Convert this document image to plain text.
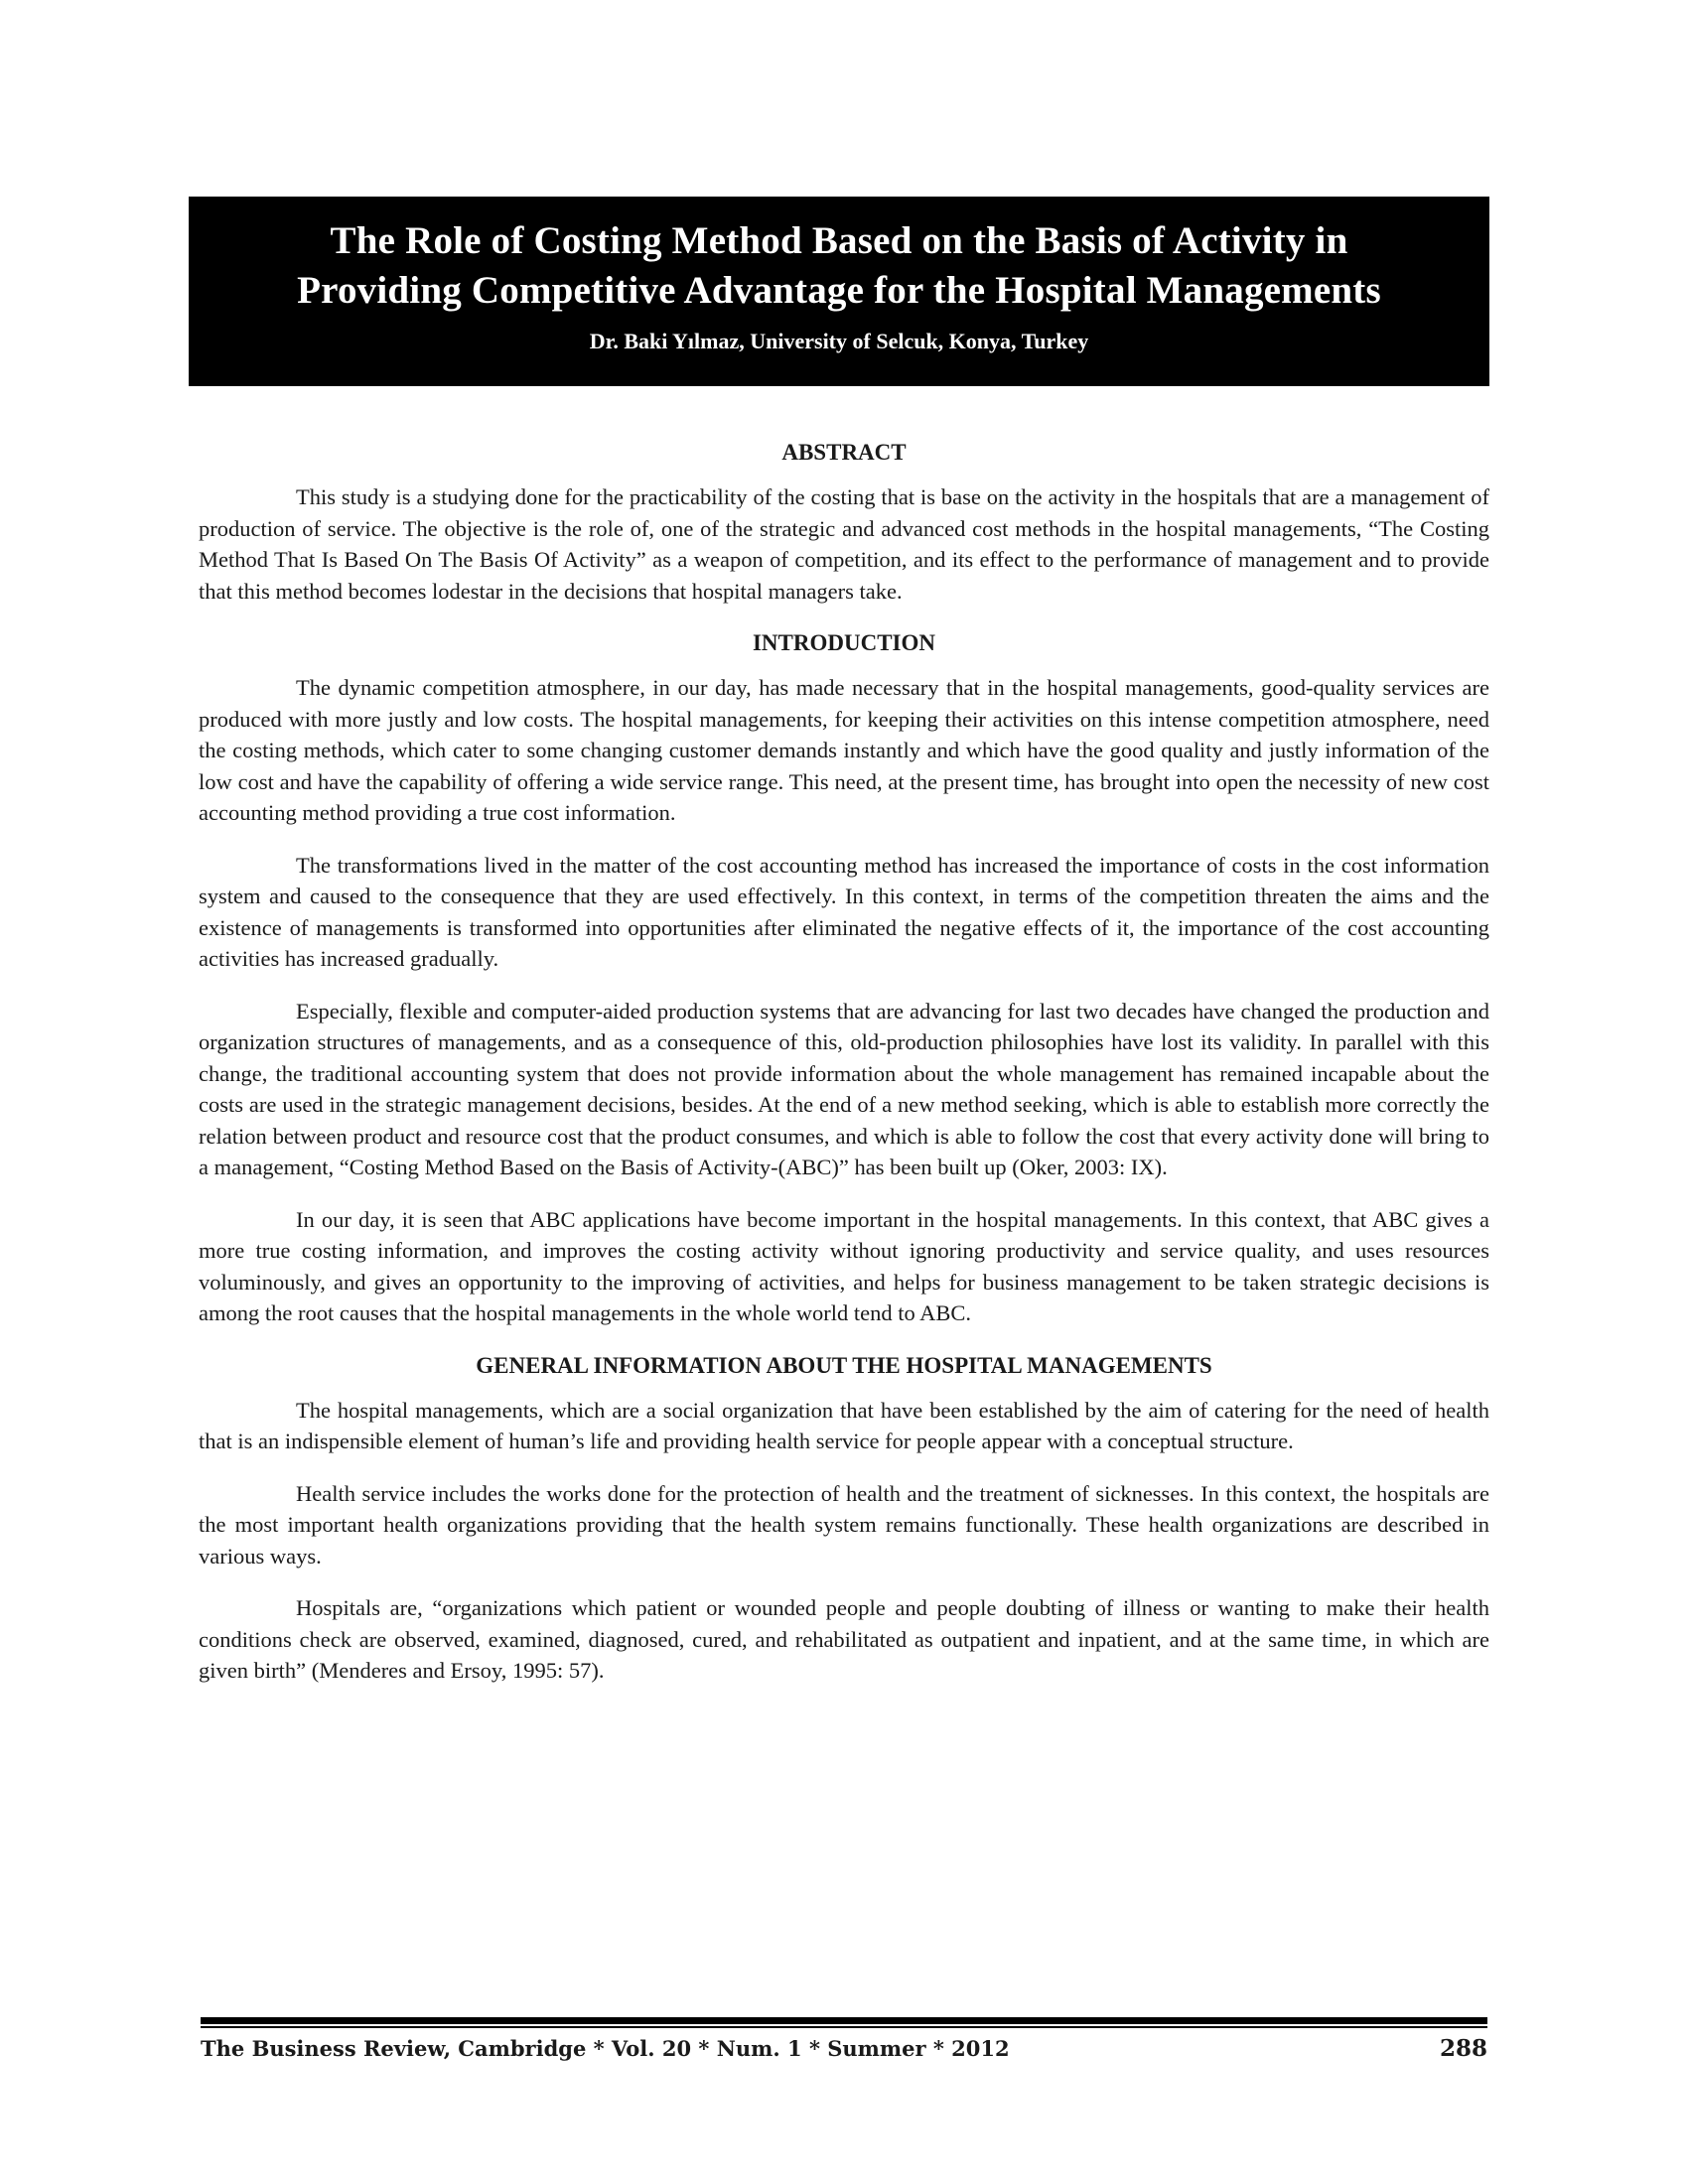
The Role of Costing Method Based on the Basis of Activity in
Providing Competitive Advantage for the Hospital Managements
Dr. Baki Yılmaz, University of Selcuk, Konya, Turkey
ABSTRACT

This study is a studying done for the practicability of the costing that is base on the activity in the hospitals that are a management of production of service. The objective is the role of, one of the strategic and advanced cost methods in the hospital managements, “The Costing Method That Is Based On The Basis Of Activity” as a weapon of competition, and its effect to the performance of management and to provide that this method becomes lodestar in the decisions that hospital managers take.

INTRODUCTION

The dynamic competition atmosphere, in our day, has made necessary that in the hospital managements, good-quality services are produced with more justly and low costs. The hospital managements, for keeping their activities on this intense competition atmosphere, need the costing methods, which cater to some changing customer demands instantly and which have the good quality and justly information of the low cost and have the capability of offering a wide service range. This need, at the present time, has brought into open the necessity of new cost accounting method providing a true cost information.

The transformations lived in the matter of the cost accounting method has increased the importance of costs in the cost information system and caused to the consequence that they are used effectively. In this context, in terms of the competition threaten the aims and the existence of managements is transformed into opportunities after eliminated the negative effects of it, the importance of the cost accounting activities has increased gradually.

Especially, flexible and computer-aided production systems that are advancing for last two decades have changed the production and organization structures of managements, and as a consequence of this, old-production philosophies have lost its validity. In parallel with this change, the traditional accounting system that does not provide information about the whole management has remained incapable about the costs are used in the strategic management decisions, besides. At the end of a new method seeking, which is able to establish more correctly the relation between product and resource cost that the product consumes, and which is able to follow the cost that every activity done will bring to a management, “Costing Method Based on the Basis of Activity-(ABC)” has been built up (Oker, 2003: IX).

In our day, it is seen that ABC applications have become important in the hospital managements. In this context, that ABC gives a more true costing information, and improves the costing activity without ignoring productivity and service quality, and uses resources voluminously, and gives an opportunity to the improving of activities, and helps for business management to be taken strategic decisions is among the root causes that the hospital managements in the whole world tend to ABC.

GENERAL INFORMATION ABOUT THE HOSPITAL MANAGEMENTS

The hospital managements, which are a social organization that have been established by the aim of catering for the need of health that is an indispensible element of human’s life and providing health service for people appear with a conceptual structure.

Health service includes the works done for the protection of health and the treatment of sicknesses. In this context, the hospitals are the most important health organizations providing that the health system remains functionally. These health organizations are described in various ways.

Hospitals are, “organizations which patient or wounded people and people doubting of illness or wanting to make their health conditions check are observed, examined, diagnosed, cured, and rehabilitated as outpatient and inpatient, and at the same time, in which are given birth” (Menderes and Ersoy, 1995: 57).

The Business Review, Cambridge * Vol. 20 * Num. 1 * Summer * 2012	288
